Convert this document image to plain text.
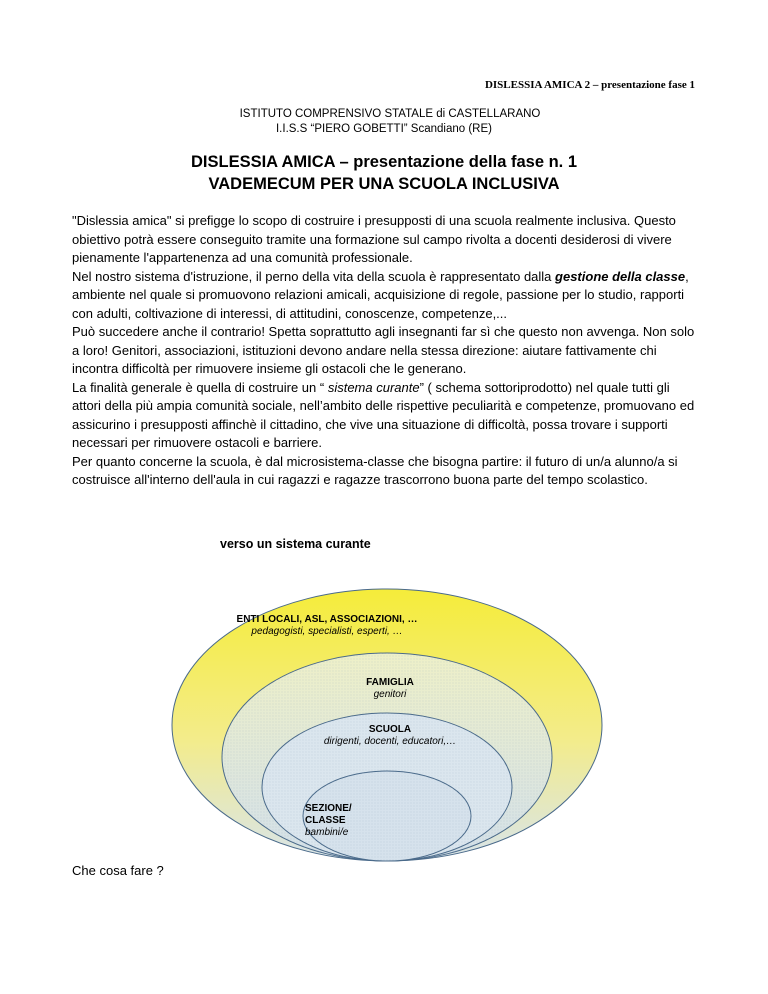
DISLESSIA AMICA 2 – presentazione fase 1
ISTITUTO COMPRENSIVO STATALE di CASTELLARANO
I.I.S.S “PIERO GOBETTI” Scandiano (RE)
DISLESSIA AMICA – presentazione della fase n. 1
VADEMECUM PER UNA SCUOLA INCLUSIVA

"Dislessia amica" si prefigge lo scopo di costruire i presupposti di una scuola realmente inclusiva. Questo obiettivo potrà essere conseguito tramite una formazione sul campo rivolta a docenti desiderosi di vivere pienamente l'appartenenza ad una comunità professionale.

Nel nostro sistema d'istruzione, il perno della vita della scuola è rappresentato dalla gestione della classe, ambiente nel quale si promuovono relazioni amicali, acquisizione di regole, passione per lo studio, rapporti con adulti, coltivazione di interessi, di attitudini, conoscenze, competenze,...

Può succedere anche il contrario! Spetta soprattutto agli insegnanti far sì che questo non avvenga. Non solo a loro! Genitori, associazioni, istituzioni devono andare nella stessa direzione: aiutare fattivamente chi incontra difficoltà per rimuovere insieme gli ostacoli che le generano.

La finalità generale è quella di costruire un “ sistema curante” ( schema sottoriprodotto) nel quale tutti gli attori della più ampia comunità sociale, nell’ambito delle rispettive peculiarità e competenze, promuovano ed assicurino i presupposti affinchè il cittadino, che vive una situazione di difficoltà, possa trovare i supporti necessari per rimuovere ostacoli e barriere.

Per quanto concerne la scuola, è dal microsistema-classe che bisogna partire: il futuro di un/a alunno/a si costruisce all'interno dell'aula in cui ragazzi e ragazze trascorrono buona parte del tempo scolastico.

verso un sistema curante
ENTI LOCALI, ASL, ASSOCIAZIONI, …
pedagogisti, specialisti, esperti, …
FAMIGLIA
genitori
SCUOLA
dirigenti, docenti, educatori,…
SEZIONE/
CLASSE
bambini/e
Che cosa fare ?
